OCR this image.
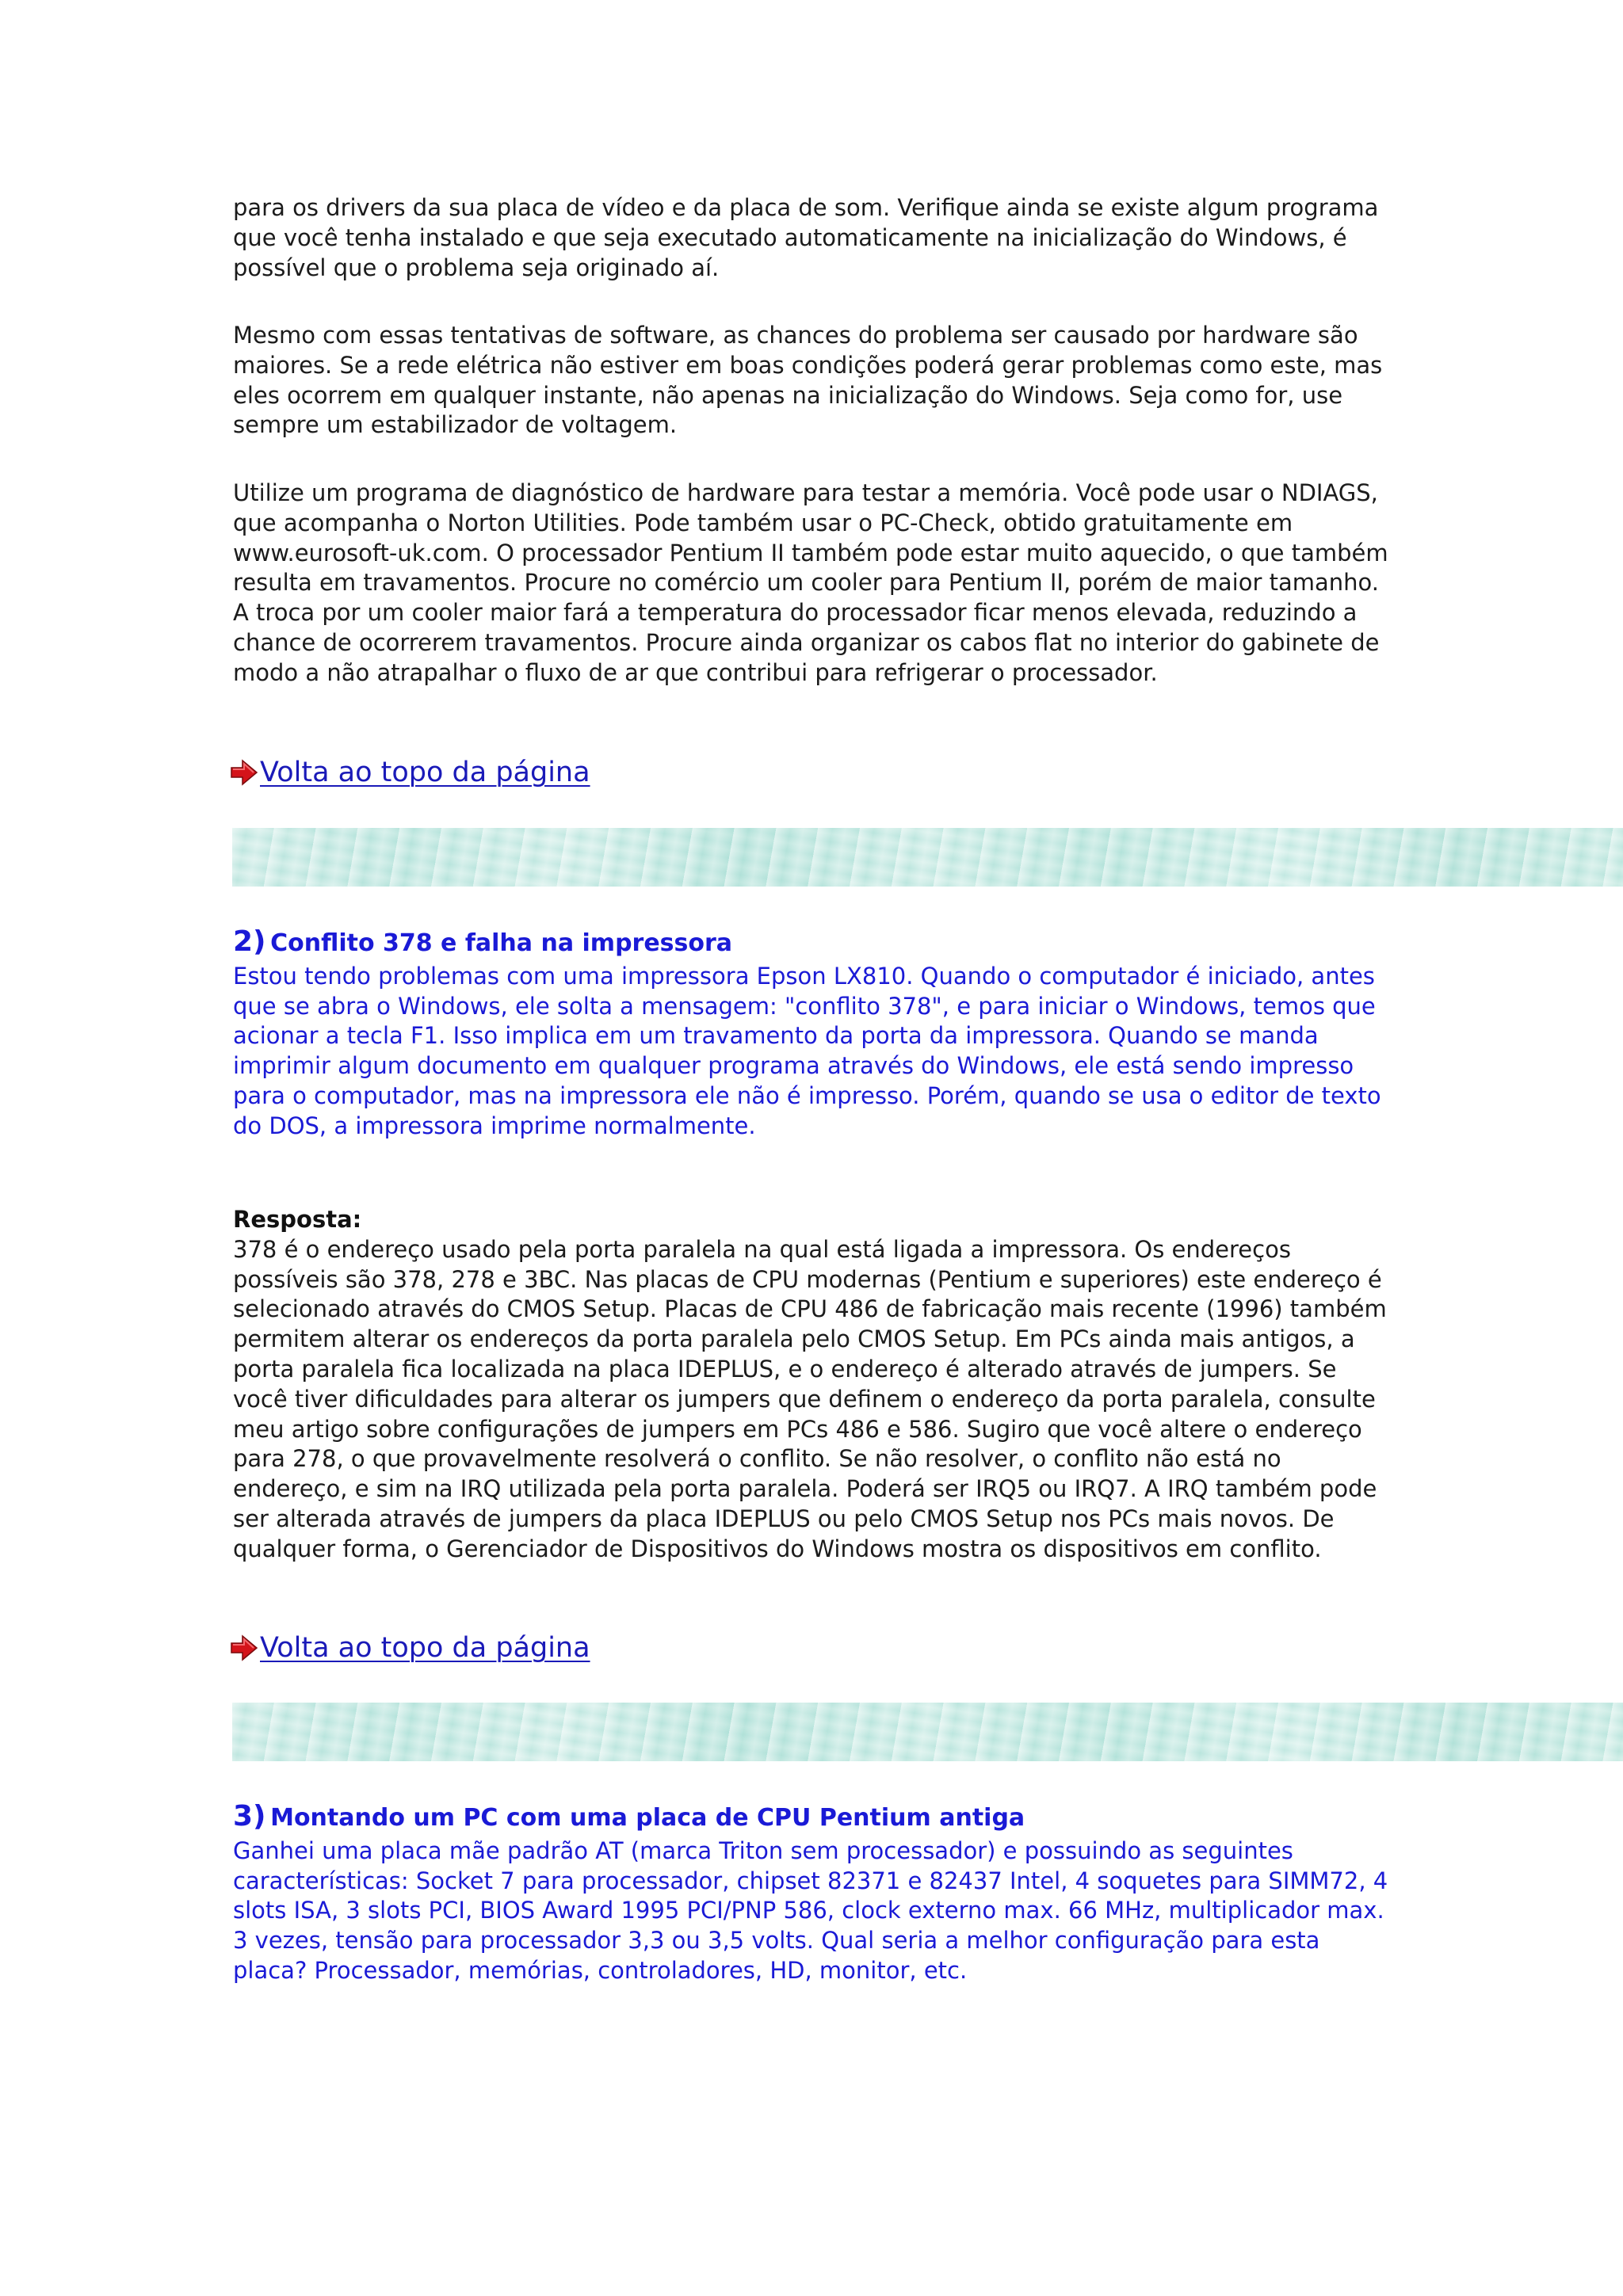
para os drivers da sua placa de vídeo e da placa de som. Verifique ainda se existe algum programa que você tenha instalado e que seja executado automaticamente na inicialização do Windows, é possível que o problema seja originado aí.

Mesmo com essas tentativas de software, as chances do problema ser causado por hardware são maiores. Se a rede elétrica não estiver em boas condições poderá gerar problemas como este, mas eles ocorrem em qualquer instante, não apenas na inicialização do Windows. Seja como for, use sempre um estabilizador de voltagem.

Utilize um programa de diagnóstico de hardware para testar a memória. Você pode usar o NDIAGS, que acompanha o Norton Utilities. Pode também usar o PC-Check, obtido gratuitamente em www.eurosoft-uk.com. O processador Pentium II também pode estar muito aquecido, o que também resulta em travamentos. Procure no comércio um cooler para Pentium II, porém de maior tamanho. A troca por um cooler maior fará a temperatura do processador ficar menos elevada, reduzindo a chance de ocorrerem travamentos. Procure ainda organizar os cabos flat no interior do gabinete de modo a não atrapalhar o fluxo de ar que contribui para refrigerar o processador.

Volta ao topo da página

2) Conflito 378 e falha na impressora

Estou tendo problemas com uma impressora Epson LX810. Quando o computador é iniciado, antes que se abra o Windows, ele solta a mensagem: "conflito 378", e para iniciar o Windows, temos que acionar a tecla F1. Isso implica em um travamento da porta da impressora. Quando se manda imprimir algum documento em qualquer programa através do Windows, ele está sendo impresso para o computador, mas na impressora ele não é impresso. Porém, quando se usa o editor de texto do DOS, a impressora imprime normalmente.

Resposta:

378 é o endereço usado pela porta paralela na qual está ligada a impressora. Os endereços possíveis são 378, 278 e 3BC. Nas placas de CPU modernas (Pentium e superiores) este endereço é selecionado através do CMOS Setup. Placas de CPU 486 de fabricação mais recente (1996) também permitem alterar os endereços da porta paralela pelo CMOS Setup. Em PCs ainda mais antigos, a porta paralela fica localizada na placa IDEPLUS, e o endereço é alterado através de jumpers. Se você tiver dificuldades para alterar os jumpers que definem o endereço da porta paralela, consulte meu artigo sobre configurações de jumpers em PCs 486 e 586. Sugiro que você altere o endereço para 278, o que provavelmente resolverá o conflito. Se não resolver, o conflito não está no endereço, e sim na IRQ utilizada pela porta paralela. Poderá ser IRQ5 ou IRQ7. A IRQ também pode ser alterada através de jumpers da placa IDEPLUS ou pelo CMOS Setup nos PCs mais novos. De qualquer forma, o Gerenciador de Dispositivos do Windows mostra os dispositivos em conflito.

Volta ao topo da página

3) Montando um PC com uma placa de CPU Pentium antiga

Ganhei uma placa mãe padrão AT (marca Triton sem processador) e possuindo as seguintes características: Socket 7 para processador, chipset 82371 e 82437 Intel, 4 soquetes para SIMM72, 4 slots ISA, 3 slots PCI, BIOS Award 1995 PCI/PNP 586, clock externo max. 66 MHz, multiplicador max. 3 vezes, tensão para processador 3,3 ou 3,5 volts. Qual seria a melhor configuração para esta placa? Processador, memórias, controladores, HD, monitor, etc.
